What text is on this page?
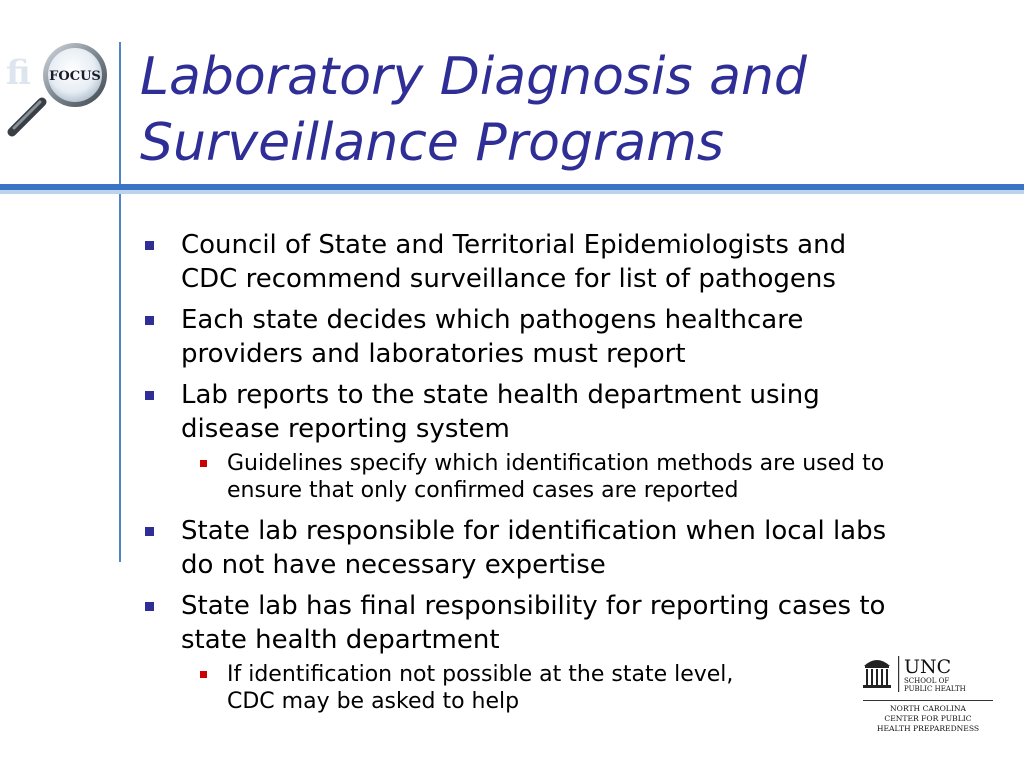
fi FOCUS Laboratory Diagnosis and
Surveillance Programs
Council of State and Territorial Epidemiologists and
CDC recommend surveillance for list of pathogens
Each state decides which pathogens healthcare
providers and laboratories must report
Lab reports to the state health department using
disease reporting system
Guidelines specify which identification methods are used to
ensure that only confirmed cases are reported
State lab responsible for identification when local labs
do not have necessary expertise
State lab has final responsibility for reporting cases to
state health department
If identification not possible at the state level,
CDC may be asked to help
UNC
SCHOOL OF
PUBLIC HEALTH
NORTH CAROLINA
CENTER FOR PUBLIC
HEALTH PREPAREDNESS
